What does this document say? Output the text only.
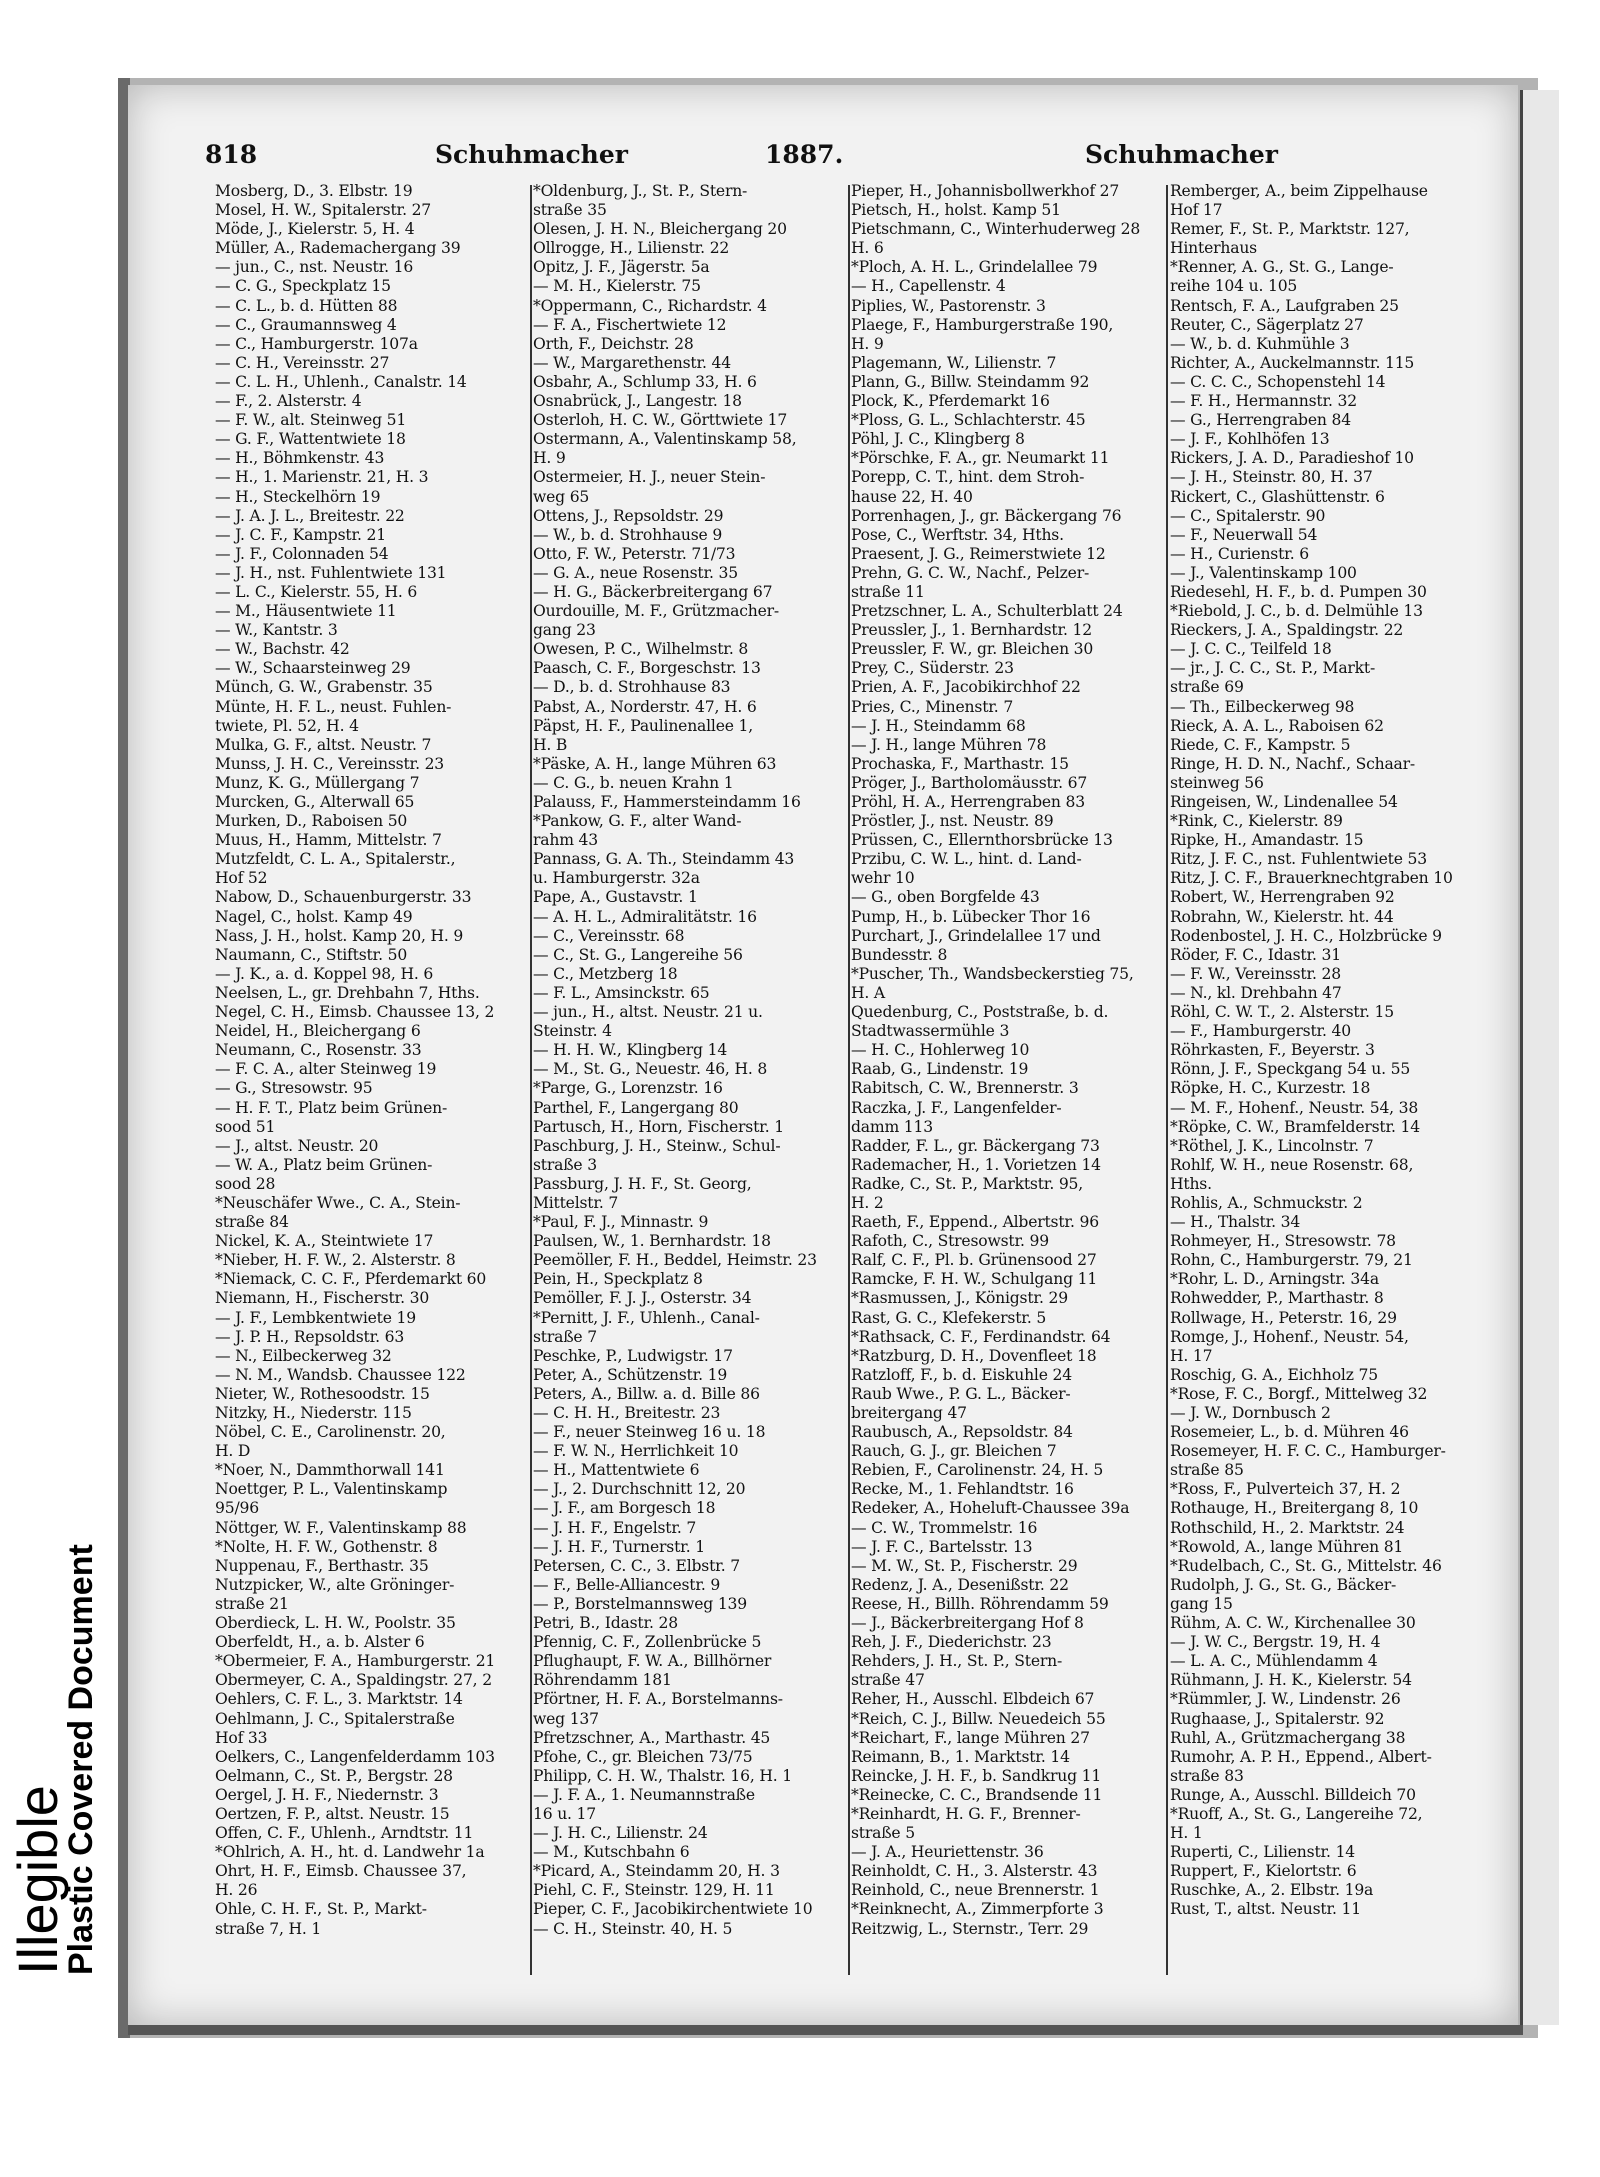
Illegible
Plastic Covered Document
818	Schuhmacher	1887.	Schuhmacher
Mosberg, D., 3. Elbstr. 19
Mosel, H. W., Spitalerstr. 27
Möde, J., Kielerstr. 5, H. 4
Müller, A., Rademachergang 39
— jun., C., nst. Neustr. 16
— C. G., Speckplatz 15
— C. L., b. d. Hütten 88
— C., Graumannsweg 4
— C., Hamburgerstr. 107a
— C. H., Vereinsstr. 27
— C. L. H., Uhlenh., Canalstr. 14
— F., 2. Alsterstr. 4
— F. W., alt. Steinweg 51
— G. F., Wattentwiete 18
— H., Böhmkenstr. 43
— H., 1. Marienstr. 21, H. 3
— H., Steckelhörn 19
— J. A. J. L., Breitestr. 22
— J. C. F., Kampstr. 21
— J. F., Colonnaden 54
— J. H., nst. Fuhlentwiete 131
— L. C., Kielerstr. 55, H. 6
— M., Häusentwiete 11
— W., Kantstr. 3
— W., Bachstr. 42
— W., Schaarsteinweg 29
Münch, G. W., Grabenstr. 35
Münte, H. F. L., neust. Fuhlen-
twiete, Pl. 52, H. 4
Mulka, G. F., altst. Neustr. 7
Munss, J. H. C., Vereinsstr. 23
Munz, K. G., Müllergang 7
Murcken, G., Alterwall 65
Murken, D., Raboisen 50
Muus, H., Hamm, Mittelstr. 7
Mutzfeldt, C. L. A., Spitalerstr.,
Hof 52
Nabow, D., Schauenburgerstr. 33
Nagel, C., holst. Kamp 49
Nass, J. H., holst. Kamp 20, H. 9
Naumann, C., Stiftstr. 50
— J. K., a. d. Koppel 98, H. 6
Neelsen, L., gr. Drehbahn 7, Hths.
Negel, C. H., Eimsb. Chaussee 13, 2
Neidel, H., Bleichergang 6
Neumann, C., Rosenstr. 33
— F. C. A., alter Steinweg 19
— G., Stresowstr. 95
— H. F. T., Platz beim Grünen-
sood 51
— J., altst. Neustr. 20
— W. A., Platz beim Grünen-
sood 28
*Neuschäfer Wwe., C. A., Stein-
straße 84
Nickel, K. A., Steintwiete 17
*Nieber, H. F. W., 2. Alsterstr. 8
*Niemack, C. C. F., Pferdemarkt 60
Niemann, H., Fischerstr. 30
— J. F., Lembkentwiete 19
— J. P. H., Repsoldstr. 63
— N., Eilbeckerweg 32
— N. M., Wandsb. Chaussee 122
Nieter, W., Rothesoodstr. 15
Nitzky, H., Niederstr. 115
Nöbel, C. E., Carolinenstr. 20,
H. D
*Noer, N., Dammthorwall 141
Noettger, P. L., Valentinskamp
95/96
Nöttger, W. F., Valentinskamp 88
*Nolte, H. F. W., Gothenstr. 8
Nuppenau, F., Berthastr. 35
Nutzpicker, W., alte Gröninger-
straße 21
Oberdieck, L. H. W., Poolstr. 35
Oberfeldt, H., a. b. Alster 6
*Obermeier, F. A., Hamburgerstr. 21
Obermeyer, C. A., Spaldingstr. 27, 2
Oehlers, C. F. L., 3. Marktstr. 14
Oehlmann, J. C., Spitalerstraße
Hof 33
Oelkers, C., Langenfelderdamm 103
Oelmann, C., St. P., Bergstr. 28
Oergel, J. H. F., Niedernstr. 3
Oertzen, F. P., altst. Neustr. 15
Offen, C. F., Uhlenh., Arndtstr. 11
*Ohlrich, A. H., ht. d. Landwehr 1a
Ohrt, H. F., Eimsb. Chaussee 37,
H. 26
Ohle, C. H. F., St. P., Markt-
straße 7, H. 1
*Oldenburg, J., St. P., Stern-
straße 35
Olesen, J. H. N., Bleichergang 20
Ollrogge, H., Lilienstr. 22
Opitz, J. F., Jägerstr. 5a
— M. H., Kielerstr. 75
*Oppermann, C., Richardstr. 4
— F. A., Fischertwiete 12
Orth, F., Deichstr. 28
— W., Margarethenstr. 44
Osbahr, A., Schlump 33, H. 6
Osnabrück, J., Langestr. 18
Osterloh, H. C. W., Görttwiete 17
Ostermann, A., Valentinskamp 58,
H. 9
Ostermeier, H. J., neuer Stein-
weg 65
Ottens, J., Repsoldstr. 29
— W., b. d. Strohhause 9
Otto, F. W., Peterstr. 71/73
— G. A., neue Rosenstr. 35
— H. G., Bäckerbreitergang 67
Ourdouille, M. F., Grützmacher-
gang 23
Owesen, P. C., Wilhelmstr. 8
Paasch, C. F., Borgeschstr. 13
— D., b. d. Strohhause 83
Pabst, A., Norderstr. 47, H. 6
Päpst, H. F., Paulinenallee 1,
H. B
*Päske, A. H., lange Mühren 63
— C. G., b. neuen Krahn 1
Palauss, F., Hammersteindamm 16
*Pankow, G. F., alter Wand-
rahm 43
Pannass, G. A. Th., Steindamm 43
u. Hamburgerstr. 32a
Pape, A., Gustavstr. 1
— A. H. L., Admiralitätstr. 16
— C., Vereinsstr. 68
— C., St. G., Langereihe 56
— C., Metzberg 18
— F. L., Amsinckstr. 65
— jun., H., altst. Neustr. 21 u.
Steinstr. 4
— H. H. W., Klingberg 14
— M., St. G., Neuestr. 46, H. 8
*Parge, G., Lorenzstr. 16
Parthel, F., Langergang 80
Partusch, H., Horn, Fischerstr. 1
Paschburg, J. H., Steinw., Schul-
straße 3
Passburg, J. H. F., St. Georg,
Mittelstr. 7
*Paul, F. J., Minnastr. 9
Paulsen, W., 1. Bernhardstr. 18
Peemöller, F. H., Beddel, Heimstr. 23
Pein, H., Speckplatz 8
Pemöller, F. J. J., Osterstr. 34
*Pernitt, J. F., Uhlenh., Canal-
straße 7
Peschke, P., Ludwigstr. 17
Peter, A., Schützenstr. 19
Peters, A., Billw. a. d. Bille 86
— C. H. H., Breitestr. 23
— F., neuer Steinweg 16 u. 18
— F. W. N., Herrlichkeit 10
— H., Mattentwiete 6
— J., 2. Durchschnitt 12, 20
— J. F., am Borgesch 18
— J. H. F., Engelstr. 7
— J. H. F., Turnerstr. 1
Petersen, C. C., 3. Elbstr. 7
— F., Belle-Alliancestr. 9
— P., Borstelmannsweg 139
Petri, B., Idastr. 28
Pfennig, C. F., Zollenbrücke 5
Pflughaupt, F. W. A., Billhörner
Röhrendamm 181
Pförtner, H. F. A., Borstelmanns-
weg 137
Pfretzschner, A., Marthastr. 45
Pfohe, C., gr. Bleichen 73/75
Philipp, C. H. W., Thalstr. 16, H. 1
— J. F. A., 1. Neumannstraße
16 u. 17
— J. H. C., Lilienstr. 24
— M., Kutschbahn 6
*Picard, A., Steindamm 20, H. 3
Piehl, C. F., Steinstr. 129, H. 11
Pieper, C. F., Jacobikirchentwiete 10
— C. H., Steinstr. 40, H. 5
Pieper, H., Johannisbollwerkhof 27
Pietsch, H., holst. Kamp 51
Pietschmann, C., Winterhuderweg 28
H. 6
*Ploch, A. H. L., Grindelallee 79
— H., Capellenstr. 4
Piplies, W., Pastorenstr. 3
Plaege, F., Hamburgerstraße 190,
H. 9
Plagemann, W., Lilienstr. 7
Plann, G., Billw. Steindamm 92
Plock, K., Pferdemarkt 16
*Ploss, G. L., Schlachterstr. 45
Pöhl, J. C., Klingberg 8
*Pörschke, F. A., gr. Neumarkt 11
Porepp, C. T., hint. dem Stroh-
hause 22, H. 40
Porrenhagen, J., gr. Bäckergang 76
Pose, C., Werftstr. 34, Hths.
Praesent, J. G., Reimerstwiete 12
Prehn, G. C. W., Nachf., Pelzer-
straße 11
Pretzschner, L. A., Schulterblatt 24
Preussler, J., 1. Bernhardstr. 12
Preussler, F. W., gr. Bleichen 30
Prey, C., Süderstr. 23
Prien, A. F., Jacobikirchhof 22
Pries, C., Minenstr. 7
— J. H., Steindamm 68
— J. H., lange Mühren 78
Prochaska, F., Marthastr. 15
Pröger, J., Bartholomäusstr. 67
Pröhl, H. A., Herrengraben 83
Pröstler, J., nst. Neustr. 89
Prüssen, C., Ellernthorsbrücke 13
Przibu, C. W. L., hint. d. Land-
wehr 10
— G., oben Borgfelde 43
Pump, H., b. Lübecker Thor 16
Purchart, J., Grindelallee 17 und
Bundesstr. 8
*Puscher, Th., Wandsbeckerstieg 75,
H. A
Quedenburg, C., Poststraße, b. d.
Stadtwassermühle 3
— H. C., Hohlerweg 10
Raab, G., Lindenstr. 19
Rabitsch, C. W., Brennerstr. 3
Raczka, J. F., Langenfelder-
damm 113
Radder, F. L., gr. Bäckergang 73
Rademacher, H., 1. Vorietzen 14
Radke, C., St. P., Marktstr. 95,
H. 2
Raeth, F., Eppend., Albertstr. 96
Rafoth, C., Stresowstr. 99
Ralf, C. F., Pl. b. Grünensood 27
Ramcke, F. H. W., Schulgang 11
*Rasmussen, J., Königstr. 29
Rast, G. C., Klefekerstr. 5
*Rathsack, C. F., Ferdinandstr. 64
*Ratzburg, D. H., Dovenfleet 18
Ratzloff, F., b. d. Eiskuhle 24
Raub Wwe., P. G. L., Bäcker-
breitergang 47
Raubusch, A., Repsoldstr. 84
Rauch, G. J., gr. Bleichen 7
Rebien, F., Carolinenstr. 24, H. 5
Recke, M., 1. Fehlandtstr. 16
Redeker, A., Hoheluft-Chaussee 39a
— C. W., Trommelstr. 16
— J. F. C., Bartelsstr. 13
— M. W., St. P., Fischerstr. 29
Redenz, J. A., Desenißstr. 22
Reese, H., Billh. Röhrendamm 59
— J., Bäckerbreitergang Hof 8
Reh, J. F., Diederichstr. 23
Rehders, J. H., St. P., Stern-
straße 47
Reher, H., Ausschl. Elbdeich 67
*Reich, C. J., Billw. Neuedeich 55
*Reichart, F., lange Mühren 27
Reimann, B., 1. Marktstr. 14
Reincke, J. H. F., b. Sandkrug 11
*Reinecke, C. C., Brandsende 11
*Reinhardt, H. G. F., Brenner-
straße 5
— J. A., Heuriettenstr. 36
Reinholdt, C. H., 3. Alsterstr. 43
Reinhold, C., neue Brennerstr. 1
*Reinknecht, A., Zimmerpforte 3
Reitzwig, L., Sternstr., Terr. 29
Remberger, A., beim Zippelhause
Hof 17
Remer, F., St. P., Marktstr. 127,
Hinterhaus
*Renner, A. G., St. G., Lange-
reihe 104 u. 105
Rentsch, F. A., Laufgraben 25
Reuter, C., Sägerplatz 27
— W., b. d. Kuhmühle 3
Richter, A., Auckelmannstr. 115
— C. C. C., Schopenstehl 14
— F. H., Hermannstr. 32
— G., Herrengraben 84
— J. F., Kohlhöfen 13
Rickers, J. A. D., Paradieshof 10
— J. H., Steinstr. 80, H. 37
Rickert, C., Glashüttenstr. 6
— C., Spitalerstr. 90
— F., Neuerwall 54
— H., Curienstr. 6
— J., Valentinskamp 100
Riedesehl, H. F., b. d. Pumpen 30
*Riebold, J. C., b. d. Delmühle 13
Rieckers, J. A., Spaldingstr. 22
— J. C. C., Teilfeld 18
— jr., J. C. C., St. P., Markt-
straße 69
— Th., Eilbeckerweg 98
Rieck, A. A. L., Raboisen 62
Riede, C. F., Kampstr. 5
Ringe, H. D. N., Nachf., Schaar-
steinweg 56
Ringeisen, W., Lindenallee 54
*Rink, C., Kielerstr. 89
Ripke, H., Amandastr. 15
Ritz, J. F. C., nst. Fuhlentwiete 53
Ritz, J. C. F., Brauerknechtgraben 10
Robert, W., Herrengraben 92
Robrahn, W., Kielerstr. ht. 44
Rodenbostel, J. H. C., Holzbrücke 9
Röder, F. C., Idastr. 31
— F. W., Vereinsstr. 28
— N., kl. Drehbahn 47
Röhl, C. W. T., 2. Alsterstr. 15
— F., Hamburgerstr. 40
Röhrkasten, F., Beyerstr. 3
Rönn, J. F., Speckgang 54 u. 55
Röpke, H. C., Kurzestr. 18
— M. F., Hohenf., Neustr. 54, 38
*Röpke, C. W., Bramfelderstr. 14
*Röthel, J. K., Lincolnstr. 7
Rohlf, W. H., neue Rosenstr. 68,
Hths.
Rohlis, A., Schmuckstr. 2
— H., Thalstr. 34
Rohmeyer, H., Stresowstr. 78
Rohn, C., Hamburgerstr. 79, 21
*Rohr, L. D., Arningstr. 34a
Rohwedder, P., Marthastr. 8
Rollwage, H., Peterstr. 16, 29
Romge, J., Hohenf., Neustr. 54,
H. 17
Roschig, G. A., Eichholz 75
*Rose, F. C., Borgf., Mittelweg 32
— J. W., Dornbusch 2
Rosemeier, L., b. d. Mühren 46
Rosemeyer, H. F. C. C., Hamburger-
straße 85
*Ross, F., Pulverteich 37, H. 2
Rothauge, H., Breitergang 8, 10
Rothschild, H., 2. Marktstr. 24
*Rowold, A., lange Mühren 81
*Rudelbach, C., St. G., Mittelstr. 46
Rudolph, J. G., St. G., Bäcker-
gang 15
Rühm, A. C. W., Kirchenallee 30
— J. W. C., Bergstr. 19, H. 4
— L. A. C., Mühlendamm 4
Rühmann, J. H. K., Kielerstr. 54
*Rümmler, J. W., Lindenstr. 26
Rughaase, J., Spitalerstr. 92
Ruhl, A., Grützmachergang 38
Rumohr, A. P. H., Eppend., Albert-
straße 83
Runge, A., Ausschl. Billdeich 70
*Ruoff, A., St. G., Langereihe 72,
H. 1
Ruperti, C., Lilienstr. 14
Ruppert, F., Kielortstr. 6
Ruschke, A., 2. Elbstr. 19a
Rust, T., altst. Neustr. 11
